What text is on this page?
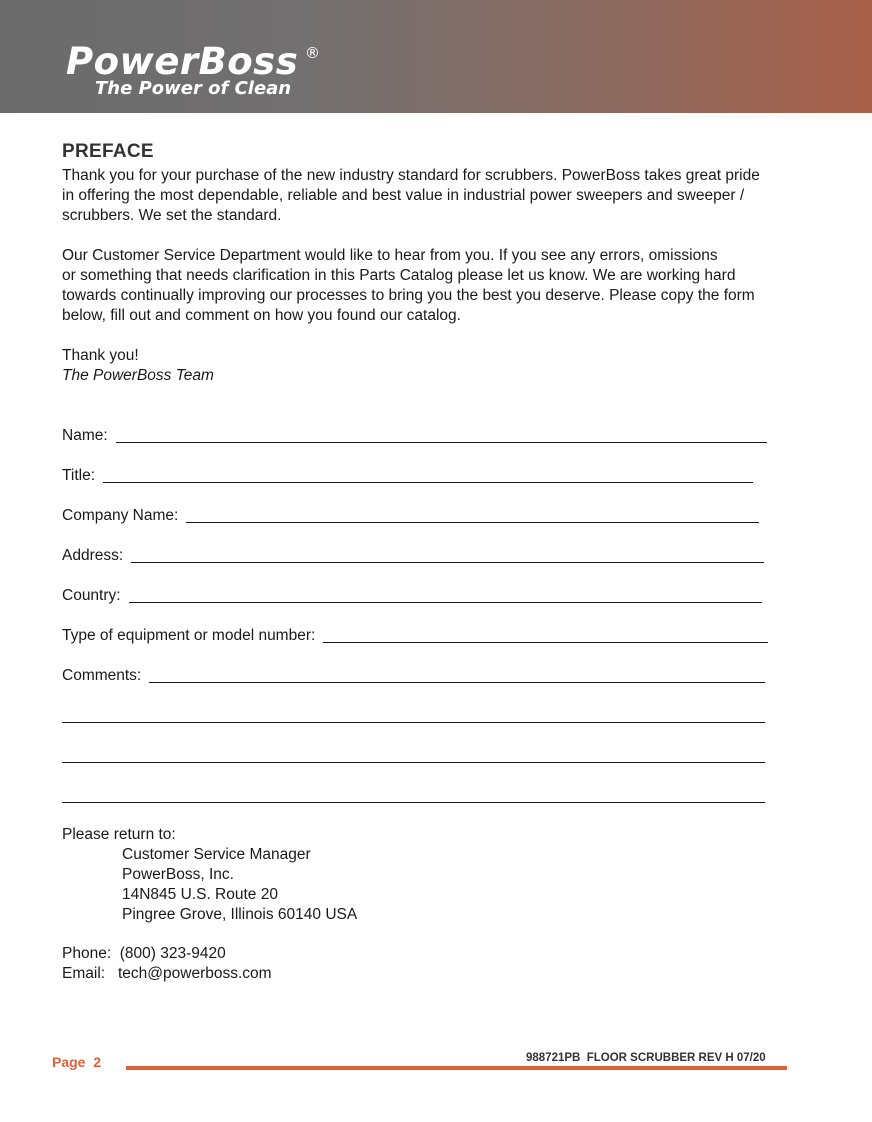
PowerBoss ®
The Power of Clean
PREFACE
Thank you for your purchase of the new industry standard for scrubbers. PowerBoss takes great pride
in offering the most dependable, reliable and best value in industrial power sweepers and sweeper /
scrubbers. We set the standard.
Our Customer Service Department would like to hear from you. If you see any errors, omissions
or something that needs clarification in this Parts Catalog please let us know. We are working hard
towards continually improving our processes to bring you the best you deserve. Please copy the form
below, fill out and comment on how you found our catalog.
Thank you!
The PowerBoss Team
Name:
Title:
Company Name:
Address:
Country:
Type of equipment or model number:
Comments:
Please return to:
Customer Service Manager
PowerBoss, Inc.
14N845 U.S. Route 20
Pingree Grove, Illinois 60140 USA
Phone:  (800) 323-9420
Email:   tech@powerboss.com
Page  2	988721PB  FLOOR SCRUBBER REV H 07/20
